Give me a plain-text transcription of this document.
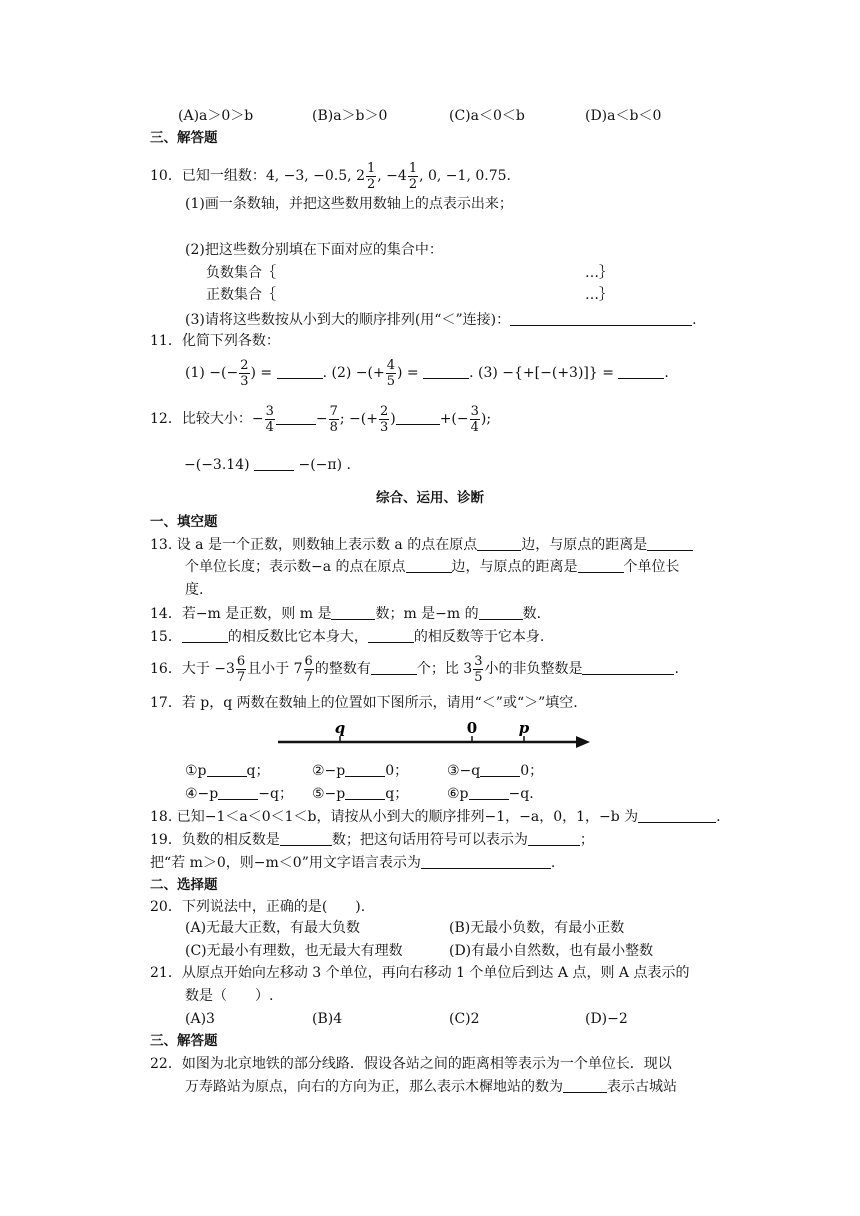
(A)a＞0＞b	(B)a＞b＞0	(C)a＜0＜b	(D)a＜b＜0
三、解答题
10．已知一组数：4, −3, −0.5, $2 \frac{1}{2}$ , $-4 \frac{1}{2}$ , 0, −1, 0.75.
(1)画一条数轴，并把这些数用数轴上的点表示出来；
(2)把这些数分别填在下面对应的集合中：
负数集合｛	…｝
正数集合｛	…｝
(3)请将这些数按从小到大的顺序排列(用“＜”连接)：	.
11．化简下列各数：
(1) −(− $\frac{2}{3}$ ) =	. (2) −(+ $\frac{4}{5}$ ) =	. (3) −{+[−(+3)]} =	.
12．比较大小：− $\frac{3}{4}$	− $\frac{7}{8}$ ; −(+ $\frac{2}{3}$ )	+(− $\frac{3}{4}$ );
−(−3.14)	−(−π) .
综合、运用、诊断
一、填空题
13. 设 a 是一个正数，则数轴上表示数 a 的点在原点	边，与原点的距离是
个单位长度；表示数−a 的点在原点	边，与原点的距离是	个单位长
度.
14．若−m 是正数，则 m 是	数；m 是−m 的	数.
15．	的相反数比它本身大，	的相反数等于它本身.
16．大于 $-3 \frac{6}{7}$ 且小于 $7 \frac{6}{7}$ 的整数有	个；比 $3 \frac{3}{5}$ 小的非负整数是	.
17．若 p，q 两数在数轴上的位置如下图所示，请用“＜”或“＞”填空.
q	0	p
①p	q；	②−p	0；	③−q	0；
④−p	−q； ⑤−p	q；	⑥p	−q.
18. 已知−1＜a＜0＜1＜b，请按从小到大的顺序排列−1，−a，0，1，−b 为	.
19．负数的相反数是	数；把这句话用符号可以表示为	；
把“若 m＞0，则−m＜0”用文字语言表示为	.
二、选择题
20．下列说法中，正确的是(　　).
(A)无最大正数，有最大负数	(B)无最小负数，有最小正数
(C)无最小有理数，也无最大有理数	(D)有最小自然数，也有最小整数
21．从原点开始向左移动 3 个单位，再向右移动 1 个单位后到达 A 点，则 A 点表示的
数是（　　）.
(A)3	(B)4	(C)2	(D)−2
三、解答题
22．如图为北京地铁的部分线路．假设各站之间的距离相等表示为一个单位长．现以
万寿路站为原点，向右的方向为正，那么表示木樨地站的数为	表示古城站
